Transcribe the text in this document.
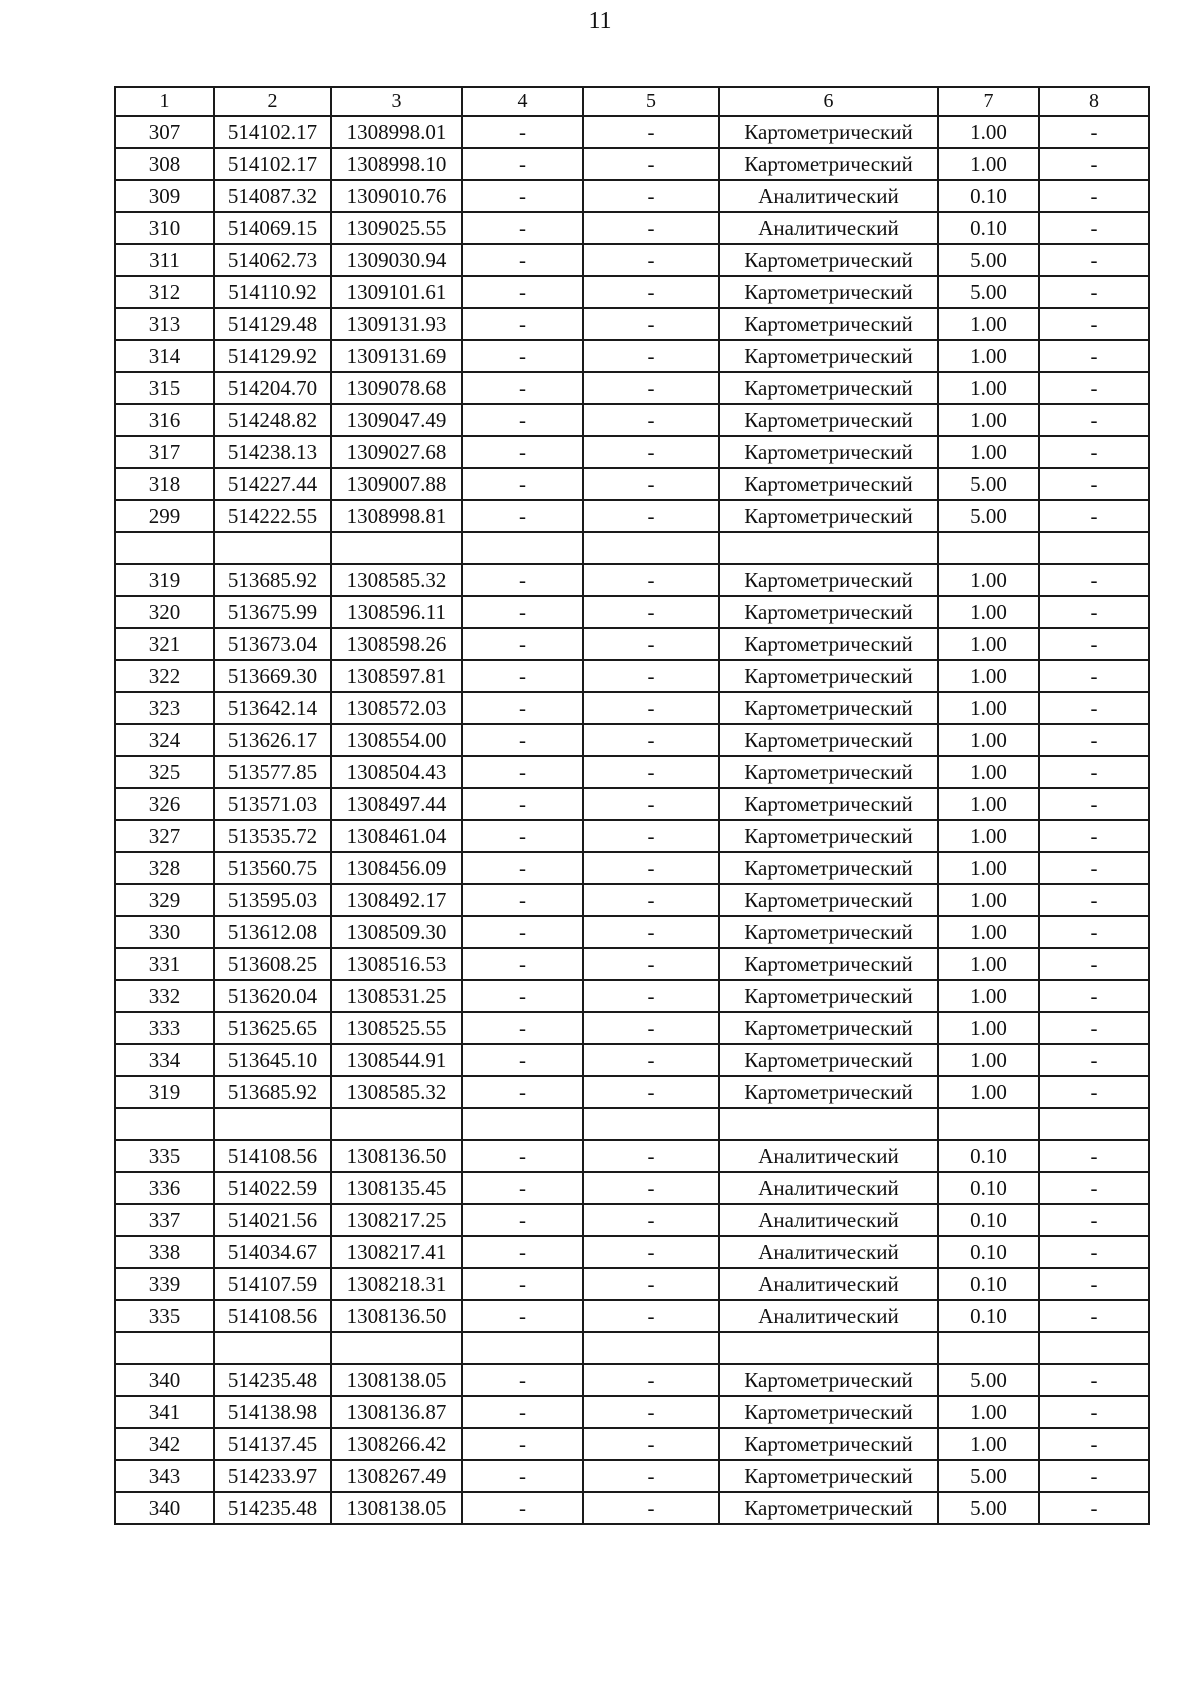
11
1	2	3	4	5	6	7	8
307	514102.17	1308998.01	-	-	Картометрический	1.00	-
308	514102.17	1308998.10	-	-	Картометрический	1.00	-
309	514087.32	1309010.76	-	-	Аналитический	0.10	-
310	514069.15	1309025.55	-	-	Аналитический	0.10	-
311	514062.73	1309030.94	-	-	Картометрический	5.00	-
312	514110.92	1309101.61	-	-	Картометрический	5.00	-
313	514129.48	1309131.93	-	-	Картометрический	1.00	-
314	514129.92	1309131.69	-	-	Картометрический	1.00	-
315	514204.70	1309078.68	-	-	Картометрический	1.00	-
316	514248.82	1309047.49	-	-	Картометрический	1.00	-
317	514238.13	1309027.68	-	-	Картометрический	1.00	-
318	514227.44	1309007.88	-	-	Картометрический	5.00	-
299	514222.55	1308998.81	-	-	Картометрический	5.00	-

319	513685.92	1308585.32	-	-	Картометрический	1.00	-
320	513675.99	1308596.11	-	-	Картометрический	1.00	-
321	513673.04	1308598.26	-	-	Картометрический	1.00	-
322	513669.30	1308597.81	-	-	Картометрический	1.00	-
323	513642.14	1308572.03	-	-	Картометрический	1.00	-
324	513626.17	1308554.00	-	-	Картометрический	1.00	-
325	513577.85	1308504.43	-	-	Картометрический	1.00	-
326	513571.03	1308497.44	-	-	Картометрический	1.00	-
327	513535.72	1308461.04	-	-	Картометрический	1.00	-
328	513560.75	1308456.09	-	-	Картометрический	1.00	-
329	513595.03	1308492.17	-	-	Картометрический	1.00	-
330	513612.08	1308509.30	-	-	Картометрический	1.00	-
331	513608.25	1308516.53	-	-	Картометрический	1.00	-
332	513620.04	1308531.25	-	-	Картометрический	1.00	-
333	513625.65	1308525.55	-	-	Картометрический	1.00	-
334	513645.10	1308544.91	-	-	Картометрический	1.00	-
319	513685.92	1308585.32	-	-	Картометрический	1.00	-

335	514108.56	1308136.50	-	-	Аналитический	0.10	-
336	514022.59	1308135.45	-	-	Аналитический	0.10	-
337	514021.56	1308217.25	-	-	Аналитический	0.10	-
338	514034.67	1308217.41	-	-	Аналитический	0.10	-
339	514107.59	1308218.31	-	-	Аналитический	0.10	-
335	514108.56	1308136.50	-	-	Аналитический	0.10	-

340	514235.48	1308138.05	-	-	Картометрический	5.00	-
341	514138.98	1308136.87	-	-	Картометрический	1.00	-
342	514137.45	1308266.42	-	-	Картометрический	1.00	-
343	514233.97	1308267.49	-	-	Картометрический	5.00	-
340	514235.48	1308138.05	-	-	Картометрический	5.00	-
